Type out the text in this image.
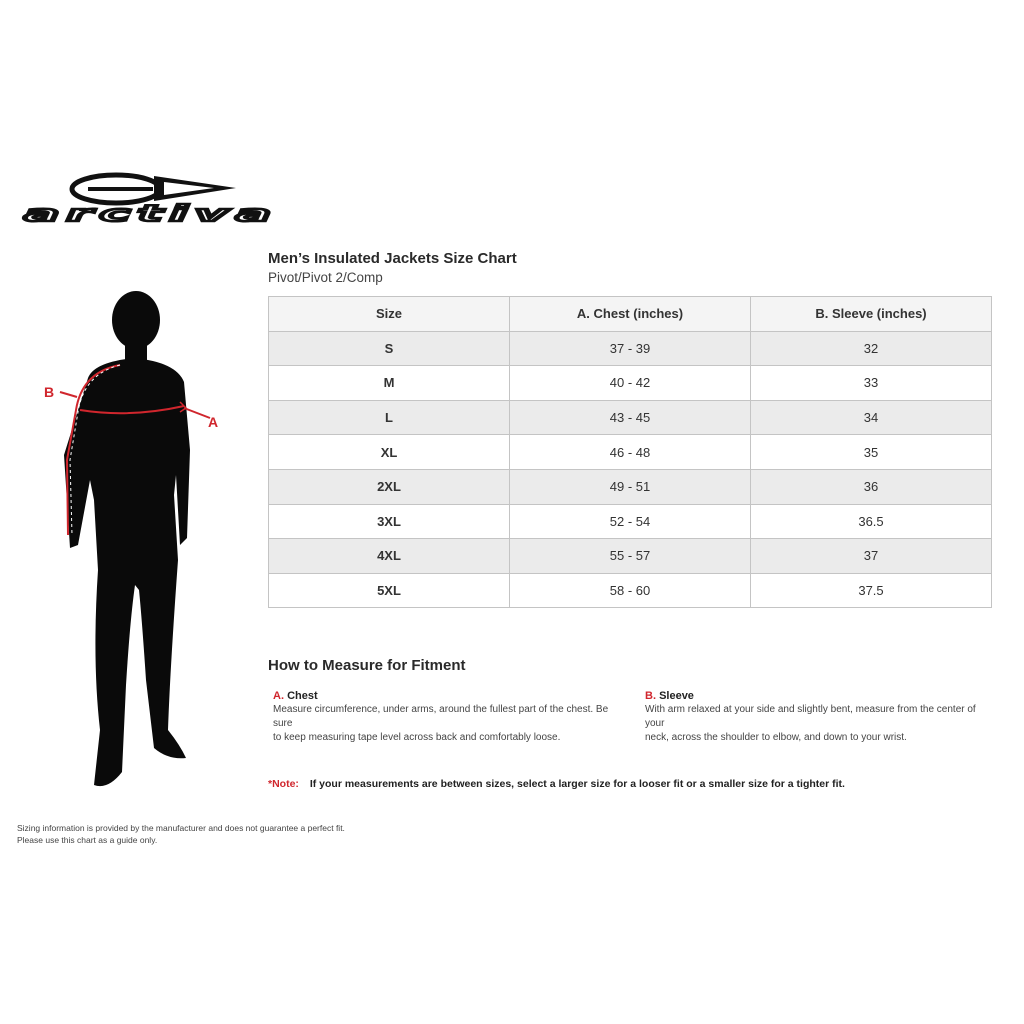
arctiva
B
A
Men’s Insulated Jackets Size Chart
Pivot/Pivot 2/Comp
Size	A. Chest (inches)	B. Sleeve (inches)
S	37 - 39	32
M	40 - 42	33
L	43 - 45	34
XL	46 - 48	35
2XL	49 - 51	36
3XL	52 - 54	36.5
4XL	55 - 57	37
5XL	58 - 60	37.5
How to Measure for Fitment
A. Chest
Measure circumference, under arms, around the fullest part of the chest. Be sure
to keep measuring tape level across back and comfortably loose.
B. Sleeve
With arm relaxed at your side and slightly bent, measure from the center of your
neck, across the shoulder to elbow, and down to your wrist.
*Note: If your measurements are between sizes, select a larger size for a looser fit or a smaller size for a tighter fit.
Sizing information is provided by the manufacturer and does not guarantee a perfect fit.
Please use this chart as a guide only.
